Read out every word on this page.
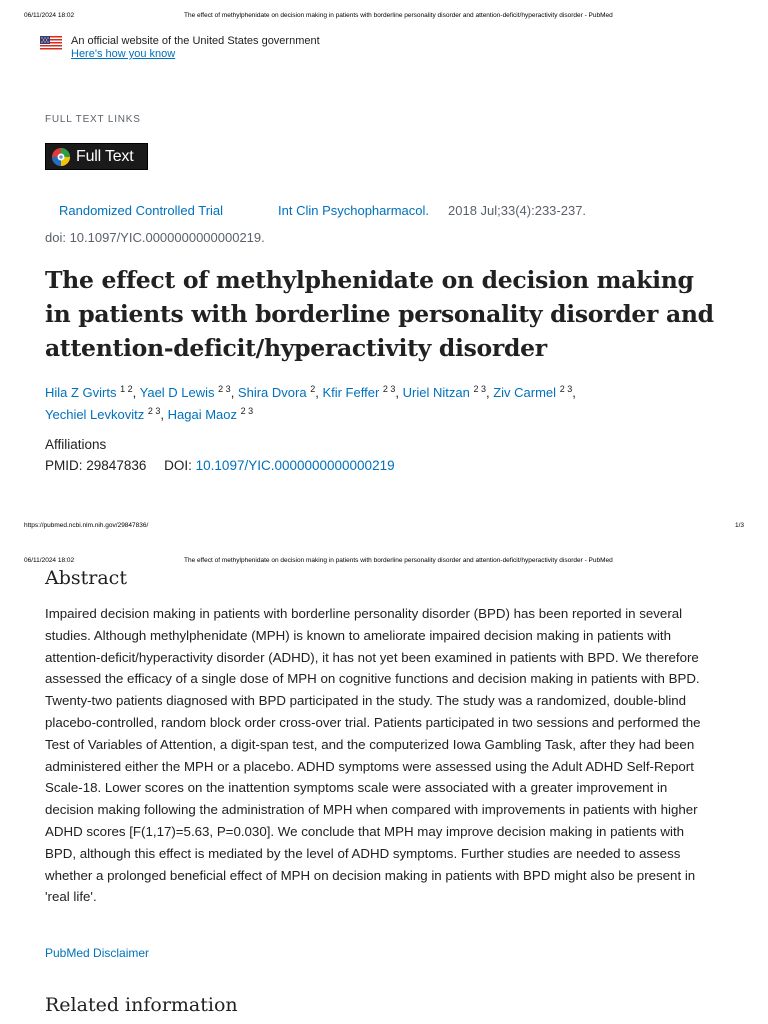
06/11/2024 18:02	The effect of methylphenidate on decision making in patients with borderline personality disorder and attention-deficit/hyperactivity disorder - PubMed
An official website of the United States government
Here's how you know
FULL TEXT LINKS
Full Text
Randomized Controlled Trial	Int Clin Psychopharmacol. 2018 Jul;33(4):233-237.
doi: 10.1097/YIC.0000000000000219.
The effect of methylphenidate on decision making in patients with borderline personality disorder and attention-deficit/hyperactivity disorder
Hila Z Gvirts $^{1 2}$, Yael D Lewis $^{2 3}$, Shira Dvora $^2$, Kfir Feffer $^{2 3}$, Uriel Nitzan $^{2 3}$, Ziv Carmel $^{2 3}$,
Yechiel Levkovitz $^{2 3}$, Hagai Maoz $^{2 3}$
Affiliations
PMID: 29847836 DOI: 10.1097/YIC.0000000000000219
https://pubmed.ncbi.nlm.nih.gov/29847836/	1/3
06/11/2024 18:02	The effect of methylphenidate on decision making in patients with borderline personality disorder and attention-deficit/hyperactivity disorder - PubMed
Abstract

Impaired decision making in patients with borderline personality disorder (BPD) has been reported in several studies. Although methylphenidate (MPH) is known to ameliorate impaired decision making in patients with attention-deficit/hyperactivity disorder (ADHD), it has not yet been examined in patients with BPD. We therefore assessed the efficacy of a single dose of MPH on cognitive functions and decision making in patients with BPD. Twenty-two patients diagnosed with BPD participated in the study. The study was a randomized, double-blind placebo-controlled, random block order cross-over trial. Patients participated in two sessions and performed the Test of Variables of Attention, a digit-span test, and the computerized Iowa Gambling Task, after they had been administered either the MPH or a placebo. ADHD symptoms were assessed using the Adult ADHD Self-Report Scale-18. Lower scores on the inattention symptoms scale were associated with a greater improvement in decision making following the administration of MPH when compared with improvements in patients with higher ADHD scores [F(1,17)=5.63, P=0.030]. We conclude that MPH may improve decision making in patients with BPD, although this effect is mediated by the level of ADHD symptoms. Further studies are needed to assess whether a prolonged beneficial effect of MPH on decision making in patients with BPD might also be present in 'real life'.

PubMed Disclaimer
Related information
